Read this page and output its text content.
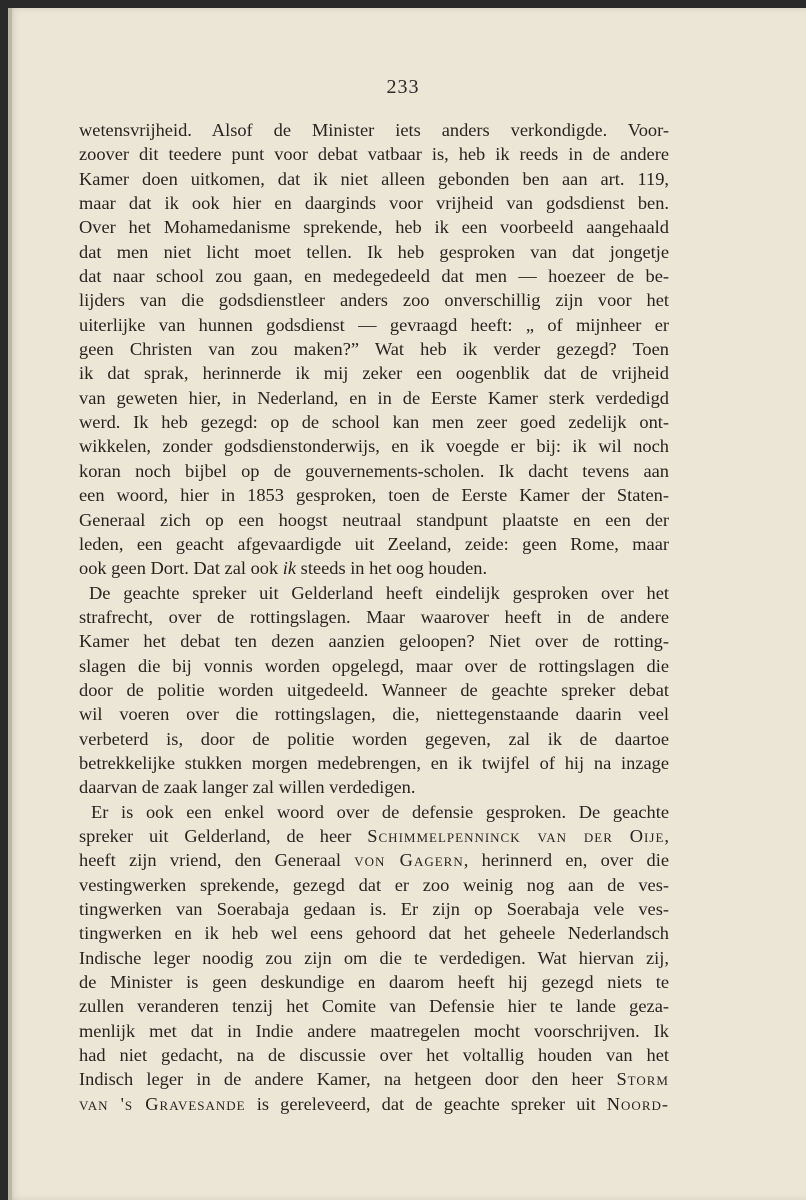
233
wetensvrijheid. Alsof de Minister iets anders verkondigde. Voor-
zoover dit teedere punt voor debat vatbaar is, heb ik reeds in de andere
Kamer doen uitkomen, dat ik niet alleen gebonden ben aan art. 119,
maar dat ik ook hier en daarginds voor vrijheid van godsdienst ben.
Over het Mohamedanisme sprekende, heb ik een voorbeeld aangehaald
dat men niet licht moet tellen. Ik heb gesproken van dat jongetje
dat naar school zou gaan, en medegedeeld dat men — hoezeer de be-
lijders van die godsdienstleer anders zoo onverschillig zijn voor het
uiterlijke van hunnen godsdienst — gevraagd heeft: „ of mijnheer er
geen Christen van zou maken?” Wat heb ik verder gezegd? Toen
ik dat sprak, herinnerde ik mij zeker een oogenblik dat de vrijheid
van geweten hier, in Nederland, en in de Eerste Kamer sterk verdedigd
werd. Ik heb gezegd: op de school kan men zeer goed zedelijk ont-
wikkelen, zonder godsdienstonderwijs, en ik voegde er bij: ik wil noch
koran noch bijbel op de gouvernements-scholen. Ik dacht tevens aan
een woord, hier in 1853 gesproken, toen de Eerste Kamer der Staten-
Generaal zich op een hoogst neutraal standpunt plaatste en een der
leden, een geacht afgevaardigde uit Zeeland, zeide: geen Rome, maar
ook geen Dort. Dat zal ook ik steeds in het oog houden.
De geachte spreker uit Gelderland heeft eindelijk gesproken over het
strafrecht, over de rottingslagen. Maar waarover heeft in de andere
Kamer het debat ten dezen aanzien geloopen? Niet over de rotting-
slagen die bij vonnis worden opgelegd, maar over de rottingslagen die
door de politie worden uitgedeeld. Wanneer de geachte spreker debat
wil voeren over die rottingslagen, die, niettegenstaande daarin veel
verbeterd is, door de politie worden gegeven, zal ik de daartoe
betrekkelijke stukken morgen medebrengen, en ik twijfel of hij na inzage
daarvan de zaak langer zal willen verdedigen.
Er is ook een enkel woord over de defensie gesproken. De geachte
spreker uit Gelderland, de heer Schimmelpenninck van der Oije,
heeft zijn vriend, den Generaal von Gagern, herinnerd en, over die
vestingwerken sprekende, gezegd dat er zoo weinig nog aan de ves-
tingwerken van Soerabaja gedaan is. Er zijn op Soerabaja vele ves-
tingwerken en ik heb wel eens gehoord dat het geheele Nederlandsch
Indische leger noodig zou zijn om die te verdedigen. Wat hiervan zij,
de Minister is geen deskundige en daarom heeft hij gezegd niets te
zullen veranderen tenzij het Comite van Defensie hier te lande geza-
menlijk met dat in Indie andere maatregelen mocht voorschrijven. Ik
had niet gedacht, na de discussie over het voltallig houden van het
Indisch leger in de andere Kamer, na hetgeen door den heer Storm
van 's Gravesande is gereleveerd, dat de geachte spreker uit Noord-
